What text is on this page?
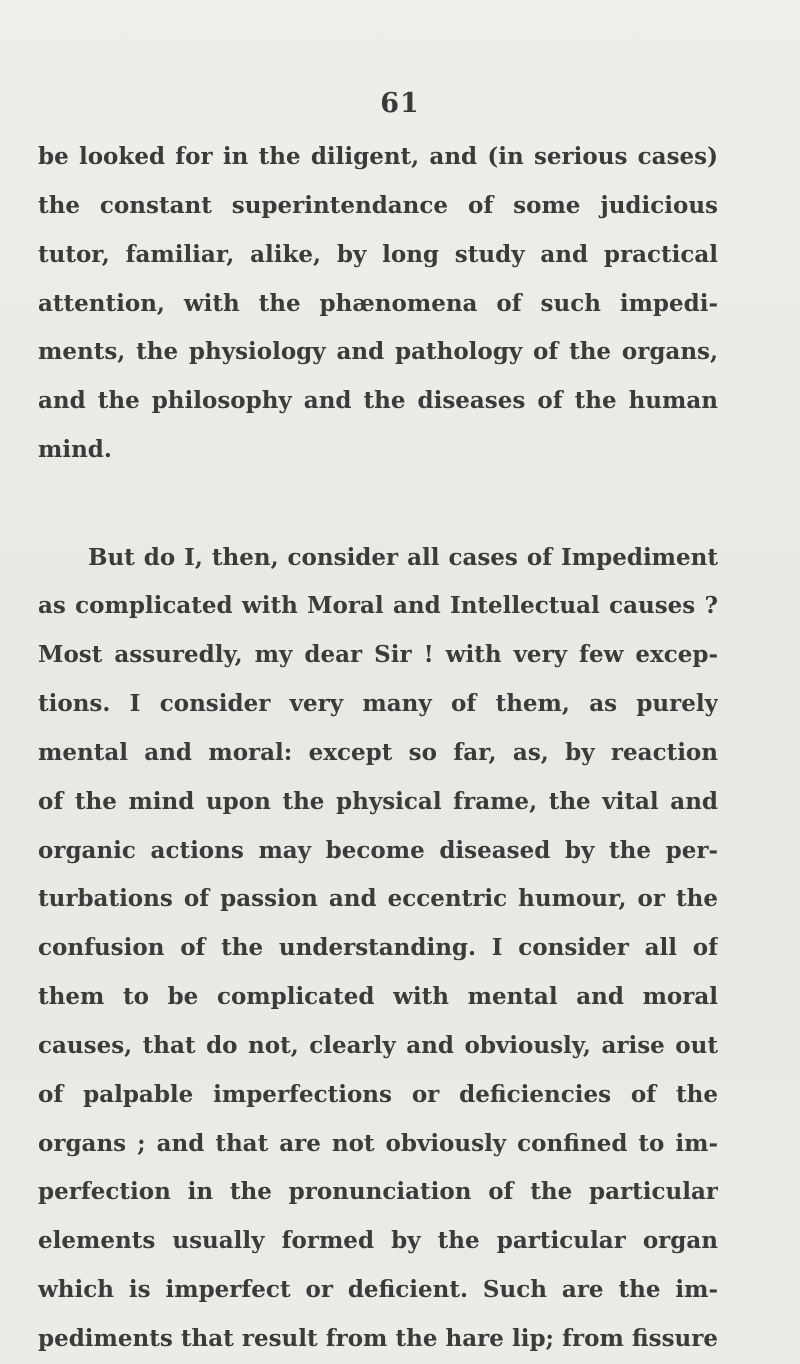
61
be looked for in the diligent, and (in serious cases)
the constant superintendance of some judicious
tutor, familiar, alike, by long study and practical
attention, with the phænomena of such impedi-
ments, the physiology and pathology of the organs,
and the philosophy and the diseases of the human
mind.
But do I, then, consider all cases of Impediment
as complicated with Moral and Intellectual causes ?
Most assuredly, my dear Sir ! with very few excep-
tions. I consider very many of them, as purely
mental and moral: except so far, as, by reaction
of the mind upon the physical frame, the vital and
organic actions may become diseased by the per-
turbations of passion and eccentric humour, or the
confusion of the understanding. I consider all of
them to be complicated with mental and moral
causes, that do not, clearly and obviously, arise out
of palpable imperfections or deficiencies of the
organs ; and that are not obviously confined to im-
perfection in the pronunciation of the particular
elements usually formed by the particular organ
which is imperfect or deficient. Such are the im-
pediments that result from the hare lip; from fissure
